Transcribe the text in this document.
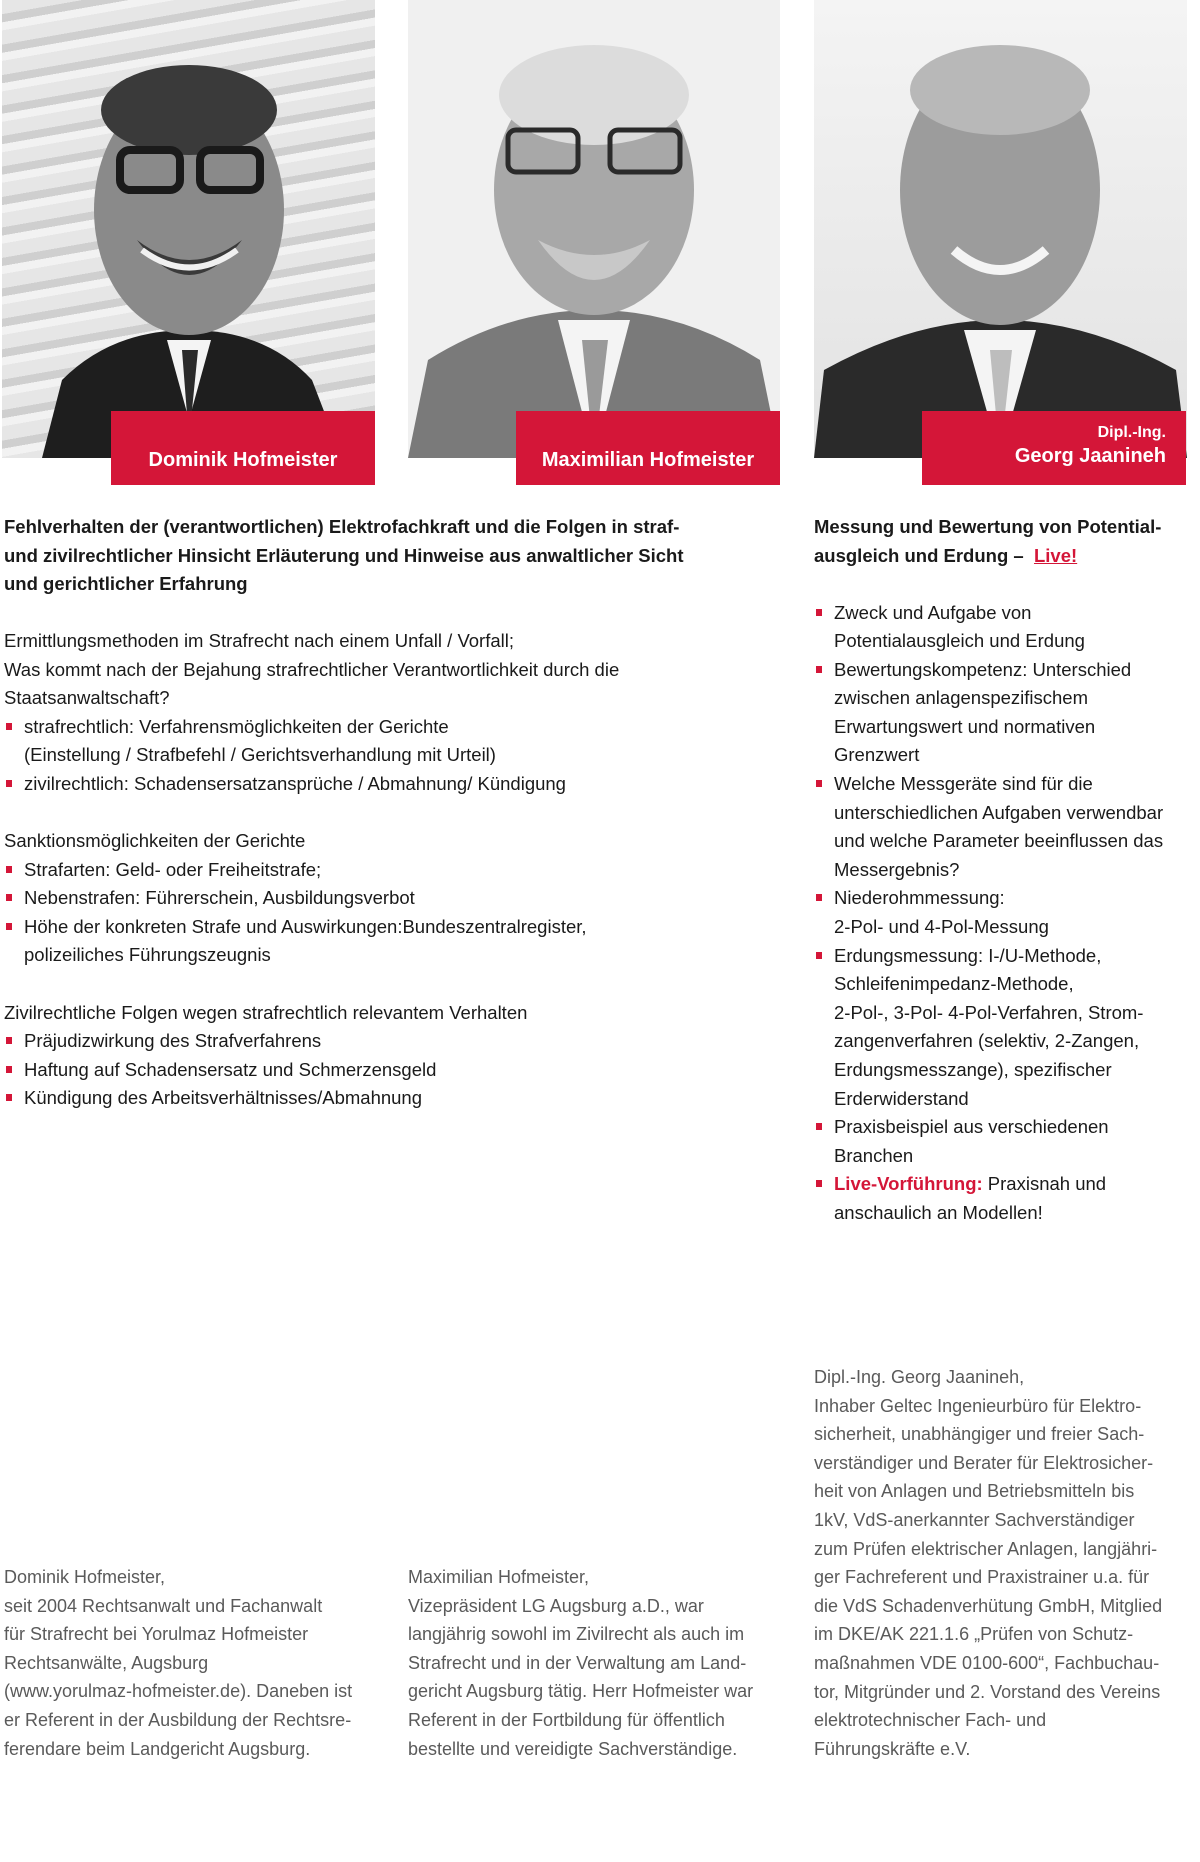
Dominik Hofmeister	Maximilian Hofmeister
Dipl.-Ing.
Georg Jaanineh
Fehlverhalten der (verantwortlichen) Elektrofachkraft und die Folgen in straf-
und zivilrechtlicher Hinsicht Erläuterung und Hinweise aus anwaltlicher Sicht
und gerichtlicher Erfahrung
Ermittlungsmethoden im Strafrecht nach einem Unfall / Vorfall;
Was kommt nach der Bejahung strafrechtlicher Verantwortlichkeit durch die
Staatsanwaltschaft?
strafrechtlich: Verfahrensmöglichkeiten der Gerichte
(Einstellung / Strafbefehl / Gerichtsverhandlung mit Urteil)
zivilrechtlich: Schadensersatzansprüche / Abmahnung/ Kündigung
Sanktionsmöglichkeiten der Gerichte
Strafarten: Geld- oder Freiheitstrafe;
Nebenstrafen: Führerschein, Ausbildungsverbot
Höhe der konkreten Strafe und Auswirkungen:Bundeszentralregister,
polizeiliches Führungszeugnis
Zivilrechtliche Folgen wegen strafrechtlich relevantem Verhalten
Präjudizwirkung des Strafverfahrens
Haftung auf Schadensersatz und Schmerzensgeld
Kündigung des Arbeitsverhältnisses/Abmahnung
Messung und Bewertung von Potential-
ausgleich und Erdung – Live!
Zweck und Aufgabe von
Potentialausgleich und Erdung
Bewertungskompetenz: Unterschied
zwischen anlagenspezifischem
Erwartungswert und normativen
Grenzwert
Welche Messgeräte sind für die
unterschiedlichen Aufgaben verwendbar
und welche Parameter beeinflussen das
Messergebnis?
Niederohmmessung:
2-Pol- und 4-Pol-Messung
Erdungsmessung: I-/U-Methode,
Schleifenimpedanz-Methode,
2-Pol-, 3-Pol- 4-Pol-Verfahren, Strom-
zangenverfahren (selektiv, 2-Zangen,
Erdungsmesszange), spezifischer
Erderwiderstand
Praxisbeispiel aus verschiedenen
Branchen
Live-Vorführung: Praxisnah und
anschaulich an Modellen!
Dominik Hofmeister,
seit 2004 Rechtsanwalt und Fachanwalt
für Strafrecht bei Yorulmaz Hofmeister
Rechtsanwälte, Augsburg
(www.yorulmaz-hofmeister.de). Daneben ist
er Referent in der Ausbildung der Rechtsre-
ferendare beim Landgericht Augsburg.
Maximilian Hofmeister,
Vizepräsident LG Augsburg a.D., war
langjährig sowohl im Zivilrecht als auch im
Strafrecht und in der Verwaltung am Land-
gericht Augsburg tätig. Herr Hofmeister war
Referent in der Fortbildung für öffentlich
bestellte und vereidigte Sachverständige.
Dipl.-Ing. Georg Jaanineh,
Inhaber Geltec Ingenieurbüro für Elektro-
sicherheit, unabhängiger und freier Sach-
verständiger und Berater für Elektrosicher-
heit von Anlagen und Betriebsmitteln bis
1kV, VdS-anerkannter Sachverständiger
zum Prüfen elektrischer Anlagen, langjähri-
ger Fachreferent und Praxistrainer u.a. für
die VdS Schadenverhütung GmbH, Mitglied
im DKE/AK 221.1.6 „Prüfen von Schutz-
maßnahmen VDE 0100-600“, Fachbuchau-
tor, Mitgründer und 2. Vorstand des Vereins
elektrotechnischer Fach- und
Führungskräfte e.V.
